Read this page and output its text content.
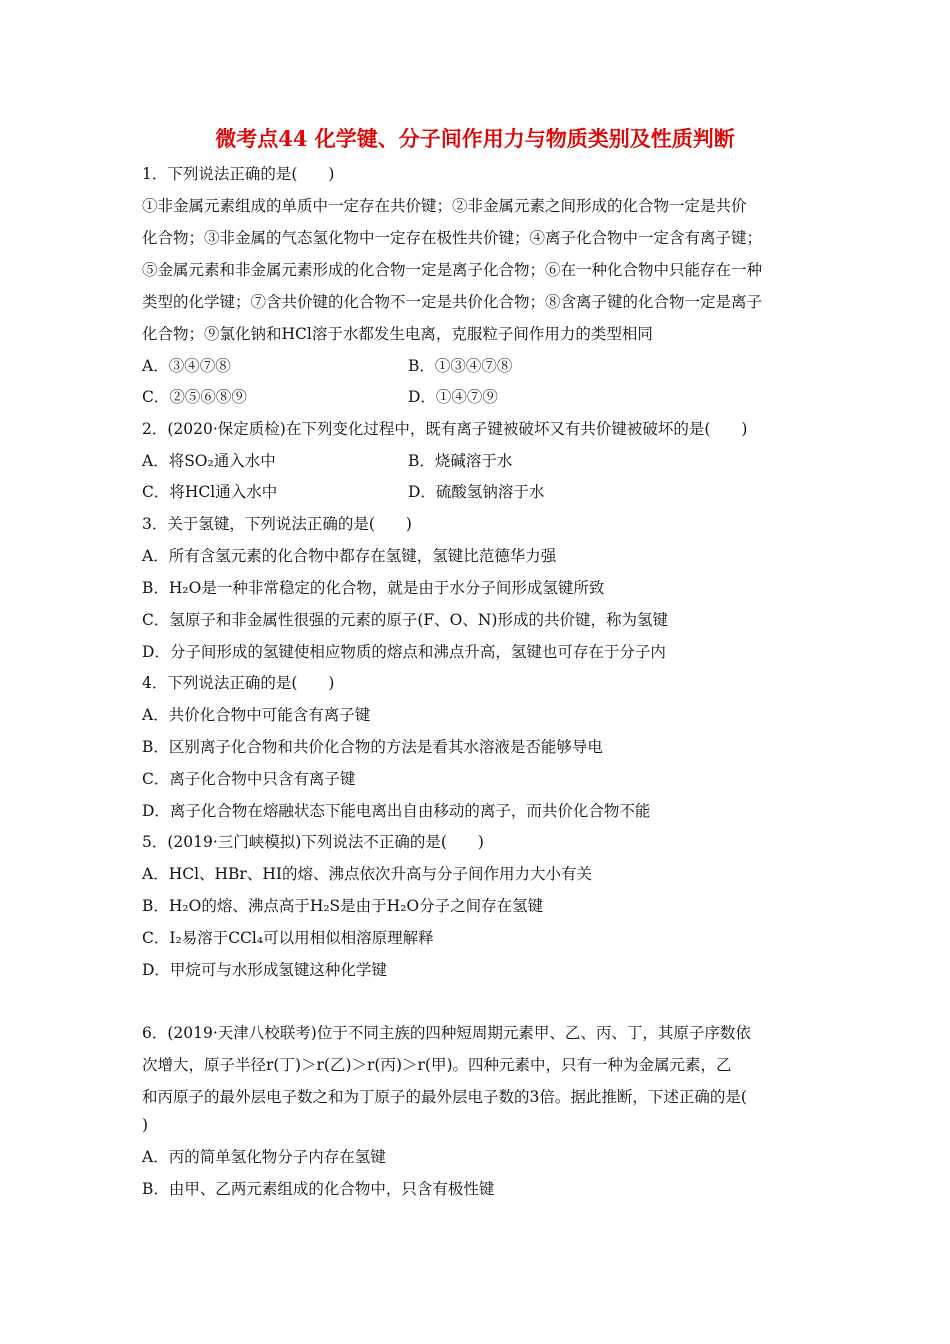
微考点44 化学键、分子间作用力与物质类别及性质判断
1．下列说法正确的是(　　)
①非金属元素组成的单质中一定存在共价键；②非金属元素之间形成的化合物一定是共价
化合物；③非金属的气态氢化物中一定存在极性共价键；④离子化合物中一定含有离子键；
⑤金属元素和非金属元素形成的化合物一定是离子化合物；⑥在一种化合物中只能存在一种
类型的化学键；⑦含共价键的化合物不一定是共价化合物；⑧含离子键的化合物一定是离子
化合物；⑨氯化钠和HCl溶于水都发生电离，克服粒子间作用力的类型相同
A．③④⑦⑧	B．①③④⑦⑧
C．②⑤⑥⑧⑨	D．①④⑦⑨
2．(2020·保定质检)在下列变化过程中，既有离子键被破坏又有共价键被破坏的是(　　)
A．将SO₂通入水中	B．烧碱溶于水
C．将HCl通入水中	D．硫酸氢钠溶于水
3．关于氢键，下列说法正确的是(　　)
A．所有含氢元素的化合物中都存在氢键，氢键比范德华力强
B．H₂O是一种非常稳定的化合物，就是由于水分子间形成氢键所致
C．氢原子和非金属性很强的元素的原子(F、O、N)形成的共价键，称为氢键
D．分子间形成的氢键使相应物质的熔点和沸点升高，氢键也可存在于分子内
4．下列说法正确的是(　　)
A．共价化合物中可能含有离子键
B．区别离子化合物和共价化合物的方法是看其水溶液是否能够导电
C．离子化合物中只含有离子键
D．离子化合物在熔融状态下能电离出自由移动的离子，而共价化合物不能
5．(2019·三门峡模拟)下列说法不正确的是(　　)
A．HCl、HBr、HI的熔、沸点依次升高与分子间作用力大小有关
B．H₂O的熔、沸点高于H₂S是由于H₂O分子之间存在氢键
C．I₂易溶于CCl₄可以用相似相溶原理解释
D．甲烷可与水形成氢键这种化学键
6．(2019·天津八校联考)位于不同主族的四种短周期元素甲、乙、丙、丁，其原子序数依
次增大，原子半径r(丁)＞r(乙)＞r(丙)＞r(甲)。四种元素中，只有一种为金属元素，乙
和丙原子的最外层电子数之和为丁原子的最外层电子数的3倍。据此推断，下述正确的是(
)
A．丙的简单氢化物分子内存在氢键
B．由甲、乙两元素组成的化合物中，只含有极性键
